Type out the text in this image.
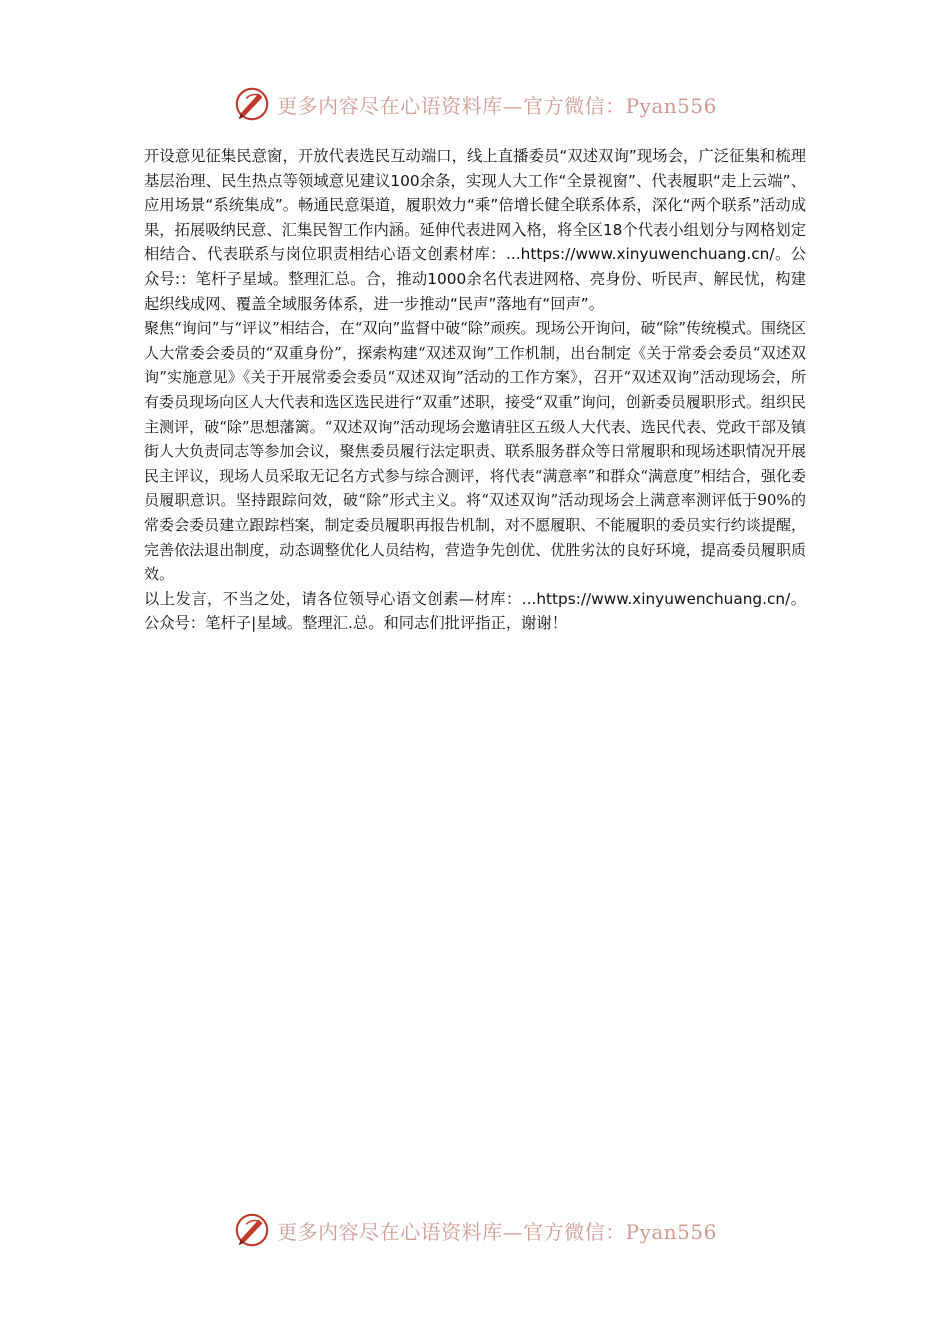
更多内容尽在心语资料库—官方微信：Pyan556

开设意见征集民意窗，开放代表选民互动端口，线上直播委员“双述双询”现场会，广泛征集和梳理基层治理、民生热点等领域意见建议100余条，实现人大工作“全景视窗”、代表履职“走上云端”、应用场景“系统集成”。畅通民意渠道，履职效力“乘”倍增长健全联系体系，深化“两个联系”活动成果，拓展吸纳民意、汇集民智工作内涵。延伸代表进网入格，将全区18个代表小组划分与网格划定相结合、代表联系与岗位职责相结心语文创素材库：...https://www.xinyuwenchuang.cn/。公众号:：笔杆子星域。整理汇总。合，推动1000余名代表进网格、亮身份、听民声、解民忧，构建起织线成网、覆盖全域服务体系，进一步推动“民声”落地有“回声”。

聚焦“询问”与“评议”相结合，在“双向”监督中破“除”顽疾。现场公开询问，破“除”传统模式。围绕区人大常委会委员的“双重身份”，探索构建“双述双询”工作机制，出台制定《关于常委会委员“双述双询”实施意见》《关于开展常委会委员“双述双询”活动的工作方案》，召开“双述双询”活动现场会，所有委员现场向区人大代表和选区选民进行“双重”述职，接受“双重”询问，创新委员履职形式。组织民主测评，破“除”思想藩篱。“双述双询”活动现场会邀请驻区五级人大代表、选民代表、党政干部及镇街人大负责同志等参加会议，聚焦委员履行法定职责、联系服务群众等日常履职和现场述职情况开展民主评议，现场人员采取无记名方式参与综合测评，将代表“满意率”和群众“满意度”相结合，强化委员履职意识。坚持跟踪问效，破“除”形式主义。将“双述双询”活动现场会上满意率测评低于90%的常委会委员建立跟踪档案，制定委员履职再报告机制，对不愿履职、不能履职的委员实行约谈提醒，完善依法退出制度，动态调整优化人员结构，营造争先创优、优胜劣汰的良好环境，提高委员履职质效。

以上发言，不当之处，请各位领导心语文创素—材库：...https://www.xinyuwenchuang.cn/。公众号：笔杆子|星域。整理汇.总。和同志们批评指正，谢谢！

更多内容尽在心语资料库—官方微信：Pyan556
